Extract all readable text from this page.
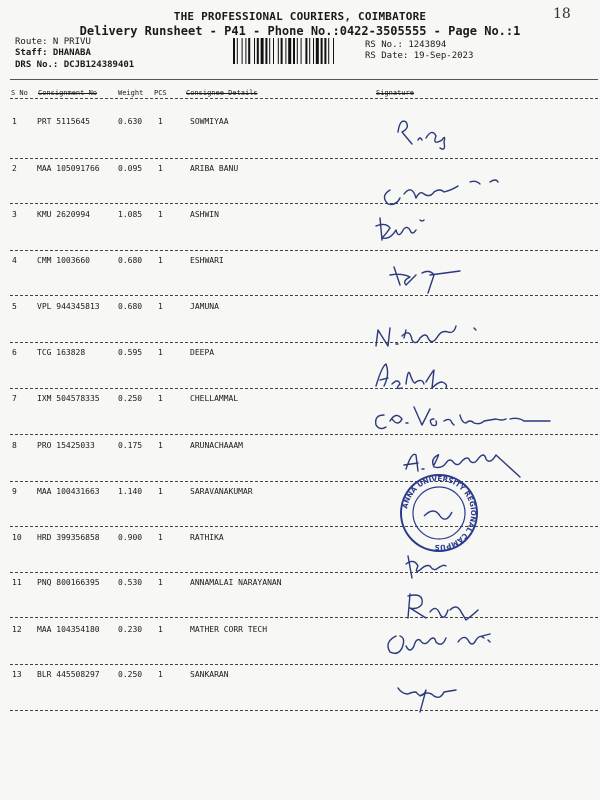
18
THE PROFESSIONAL COURIERS, COIMBATORE
Delivery Runsheet - P41 - Phone No.:0422-3505555 - Page No.:1
Route: N PRIVU
Staff: DHANABA
DRS No.: DCJB124389401
RS No.: 1243894
RS Date: 19-Sep-2023
S No Consignment No	Weight PCS	Consignee Details	Signature
1	PRT 5115645	0.630 1	SOWMIYAA
2	MAA 105091766 0.095 1	ARIBA BANU
3	KMU 2620994	1.085 1	ASHWIN
4	CMM 1003660	0.680 1	ESHWARI
5	VPL 944345813 0.680 1	JAMUNA
6	TCG 163828	0.595 1	DEEPA
7	IXM 504578335 0.250 1	CHELLAMMAL
8	PRO 15425033	0.175 1	ARUNACHAAAM
9	MAA 100431663 1.140 1	SARAVANAKUMAR
10 HRD 399356858 0.900 1	RATHIKA
11 PNQ 800166395 0.530 1	ANNAMALAI NARAYANAN
12 MAA 104354180 0.230 1	MATHER CORR TECH
13 BLR 445508297 0.250 1	SANKARAN
ANNA UNIVERSITY REGIONAL CAMPUS
